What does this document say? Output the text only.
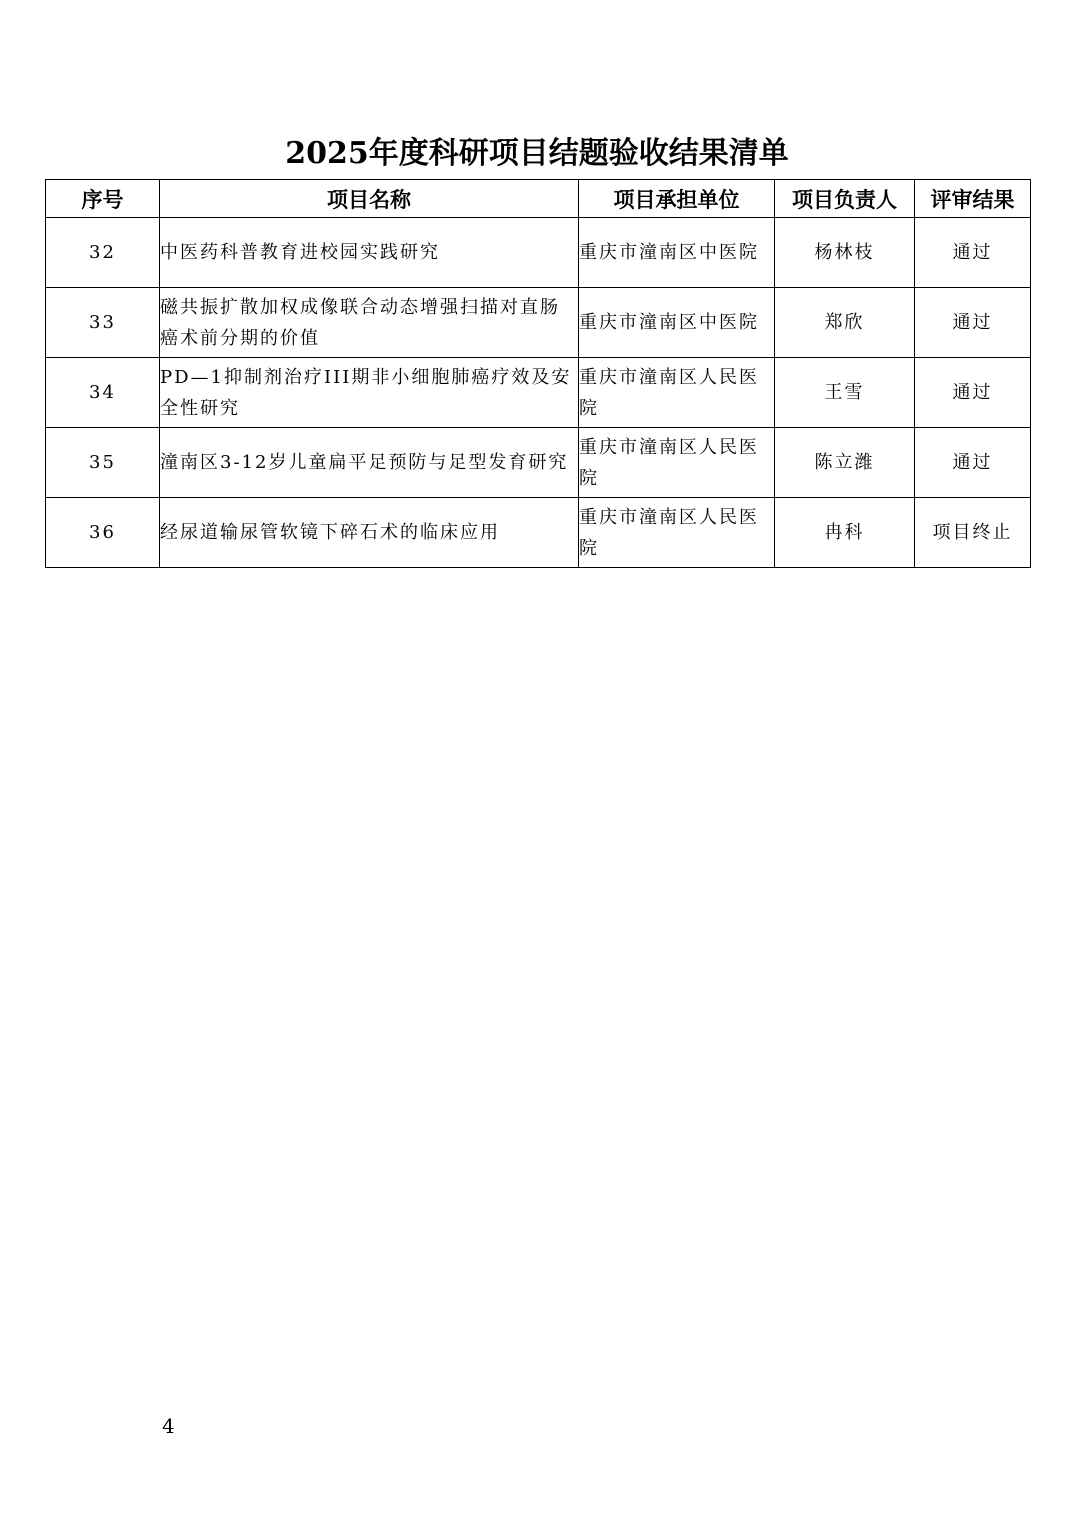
2025年度科研项目结题验收结果清单
序号	项目名称	项目承担单位	项目负责人	评审结果
32	中医药科普教育进校园实践研究	重庆市潼南区中医院	杨林枝	通过
33	磁共振扩散加权成像联合动态增强扫描对直肠癌术前分期的价值	重庆市潼南区中医院	郑欣	通过
34	PD—1抑制剂治疗III期非小细胞肺癌疗效及安全性研究	重庆市潼南区人民医院	王雪	通过
35	潼南区3-12岁儿童扁平足预防与足型发育研究	重庆市潼南区人民医院	陈立潍	通过
36	经尿道输尿管软镜下碎石术的临床应用	重庆市潼南区人民医院	冉科	项目终止
4
